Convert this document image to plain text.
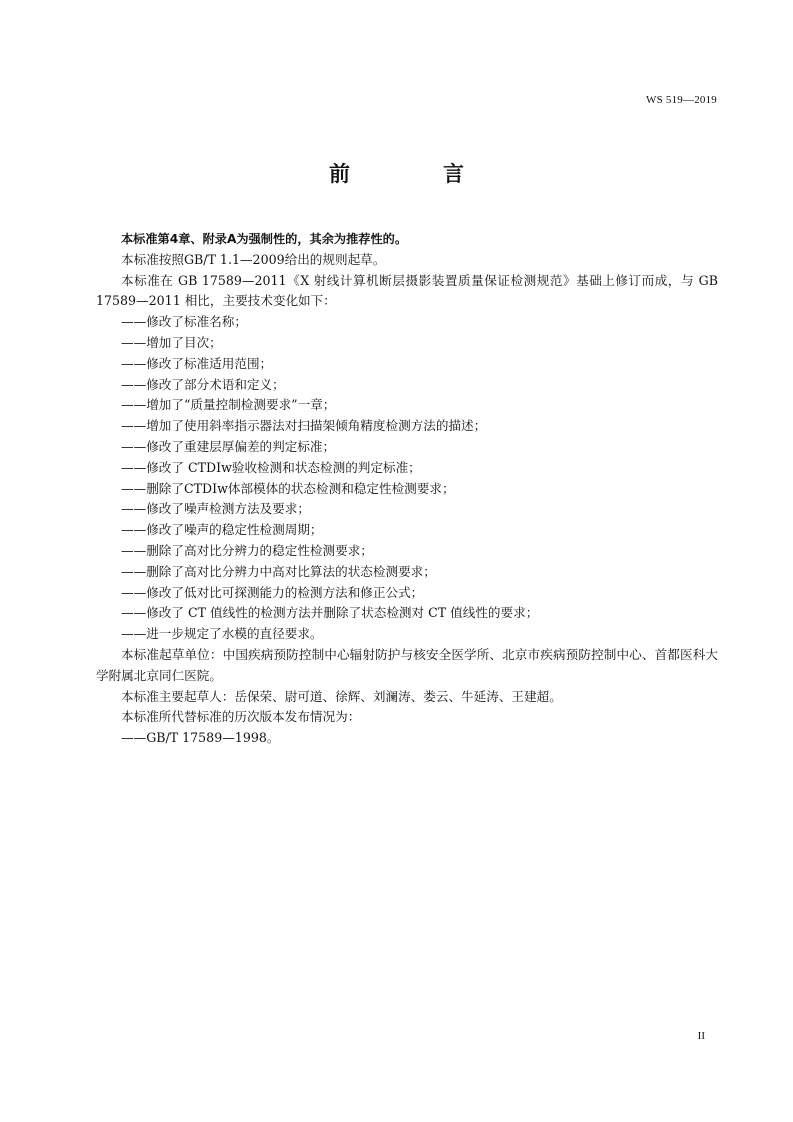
WS 519—2019
前　言

本标准第4章、附录A为强制性的，其余为推荐性的。

本标准按照GB/T 1.1—2009给出的规则起草。

本标准在 GB 17589—2011《X 射线计算机断层摄影装置质量保证检测规范》基础上修订而成，与 GB 17589—2011 相比，主要技术变化如下：

——修改了标准名称；

——增加了目次；

——修改了标准适用范围；

——修改了部分术语和定义；

——增加了“质量控制检测要求”一章；

——增加了使用斜率指示器法对扫描架倾角精度检测方法的描述；

——修改了重建层厚偏差的判定标准；

——修改了 CTDIw验收检测和状态检测的判定标准；

——删除了CTDIw体部模体的状态检测和稳定性检测要求；

——修改了噪声检测方法及要求；

——修改了噪声的稳定性检测周期；

——删除了高对比分辨力的稳定性检测要求；

——删除了高对比分辨力中高对比算法的状态检测要求；

——修改了低对比可探测能力的检测方法和修正公式；

——修改了 CT 值线性的检测方法并删除了状态检测对 CT 值线性的要求；

——进一步规定了水模的直径要求。

本标准起草单位：中国疾病预防控制中心辐射防护与核安全医学所、北京市疾病预防控制中心、首都医科大学附属北京同仁医院。

本标准主要起草人：岳保荣、尉可道、徐辉、刘澜涛、娄云、牛延涛、王建超。

本标准所代替标准的历次版本发布情况为：

——GB/T 17589—1998。

II
